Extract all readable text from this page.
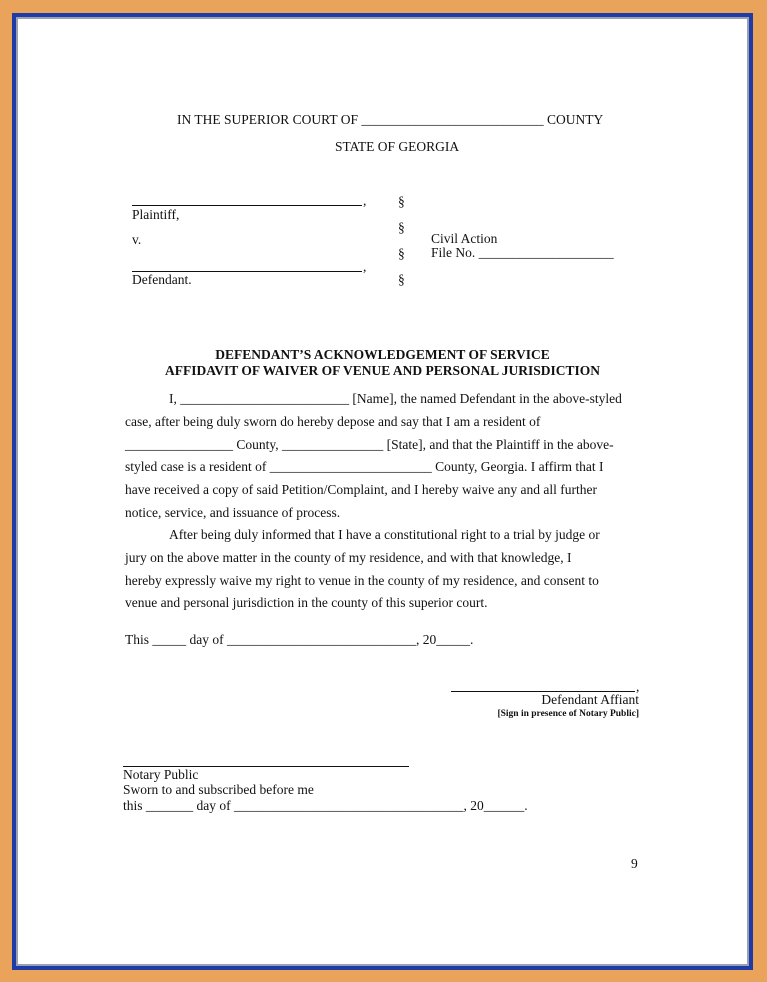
IN THE SUPERIOR COURT OF ___________________________ COUNTY
STATE OF GEORGIA
,
Plaintiff,
v.
,
Defendant.
§
§
§
§
Civil Action
File No. ____________________
DEFENDANT’S ACKNOWLEDGEMENT OF SERVICE
AFFIDAVIT OF WAIVER OF VENUE AND PERSONAL JURISDICTION
I, _________________________ [Name], the named Defendant in the above-styled
case, after being duly sworn do hereby depose and say that I am a resident of
________________ County, _______________ [State], and that the Plaintiff in the above-
styled case is a resident of ________________________ County, Georgia. I affirm that I
have received a copy of said Petition/Complaint, and I hereby waive any and all further
notice, service, and issuance of process.
After being duly informed that I have a constitutional right to a trial by judge or
jury on the above matter in the county of my residence, and with that knowledge, I
hereby expressly waive my right to venue in the county of my residence, and consent to
venue and personal jurisdiction in the county of this superior court.
This _____ day of ____________________________, 20_____.
,
Defendant Affiant
[Sign in presence of Notary Public]
Notary Public
Sworn to and subscribed before me
this _______ day of __________________________________, 20______.
9
